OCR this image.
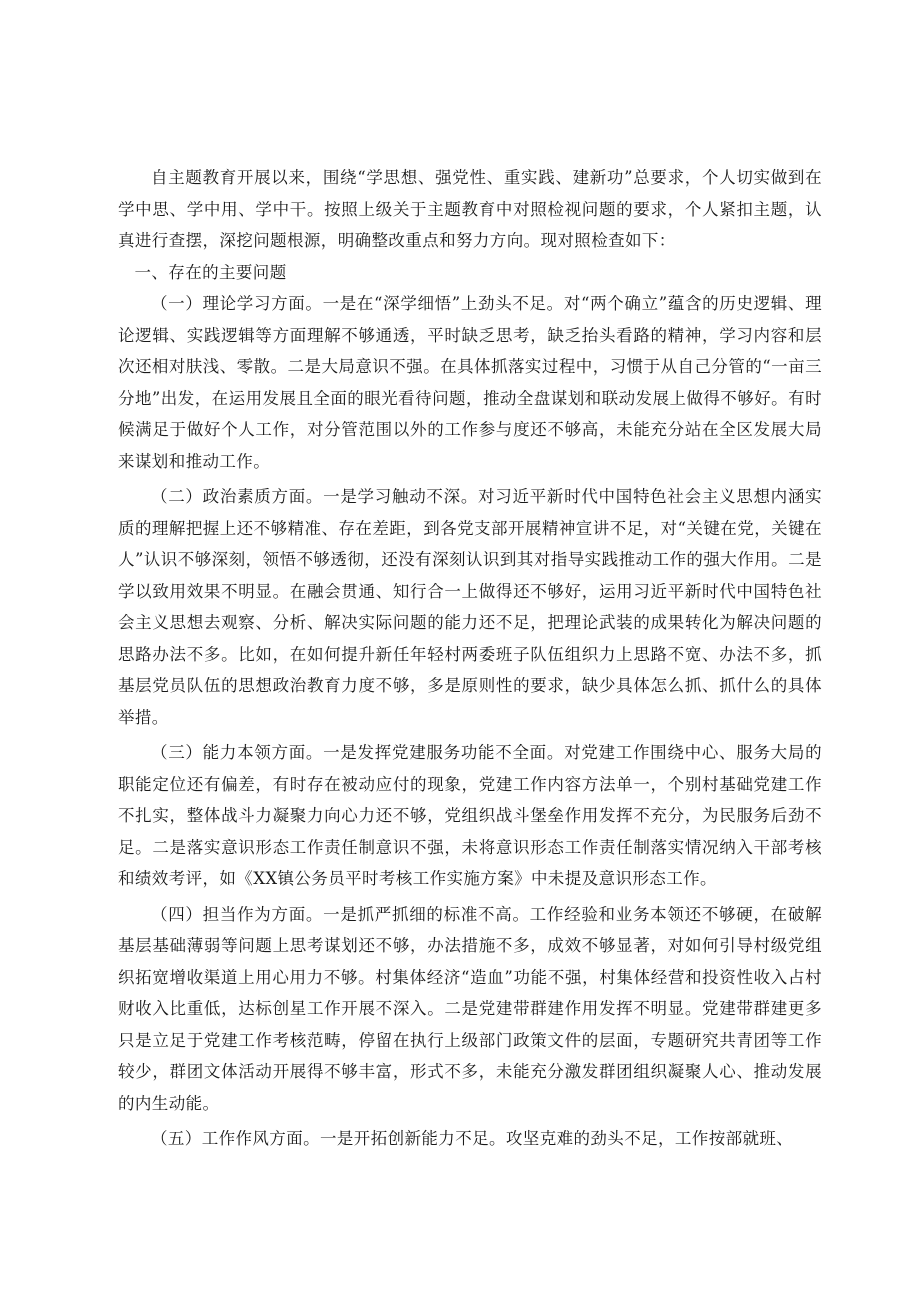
自主题教育开展以来，围绕“学思想、强党性、重实践、建新功”总要求，个人切实做到在学中思、学中用、学中干。按照上级关于主题教育中对照检视问题的要求，个人紧扣主题，认真进行查摆，深挖问题根源，明确整改重点和努力方向。现对照检查如下：

一、存在的主要问题

（一）理论学习方面。一是在“深学细悟”上劲头不足。对“两个确立”蕴含的历史逻辑、理论逻辑、实践逻辑等方面理解不够通透，平时缺乏思考，缺乏抬头看路的精神，学习内容和层次还相对肤浅、零散。二是大局意识不强。在具体抓落实过程中，习惯于从自己分管的“一亩三分地”出发，在运用发展且全面的眼光看待问题，推动全盘谋划和联动发展上做得不够好。有时候满足于做好个人工作，对分管范围以外的工作参与度还不够高，未能充分站在全区发展大局来谋划和推动工作。

（二）政治素质方面。一是学习触动不深。对习近平新时代中国特色社会主义思想内涵实质的理解把握上还不够精准、存在差距，到各党支部开展精神宣讲不足，对“关键在党，关键在人”认识不够深刻，领悟不够透彻，还没有深刻认识到其对指导实践推动工作的强大作用。二是学以致用效果不明显。在融会贯通、知行合一上做得还不够好，运用习近平新时代中国特色社会主义思想去观察、分析、解决实际问题的能力还不足，把理论武装的成果转化为解决问题的思路办法不多。比如，在如何提升新任年轻村两委班子队伍组织力上思路不宽、办法不多，抓基层党员队伍的思想政治教育力度不够，多是原则性的要求，缺少具体怎么抓、抓什么的具体举措。

（三）能力本领方面。一是发挥党建服务功能不全面。对党建工作围绕中心、服务大局的职能定位还有偏差，有时存在被动应付的现象，党建工作内容方法单一，个别村基础党建工作不扎实，整体战斗力凝聚力向心力还不够，党组织战斗堡垒作用发挥不充分，为民服务后劲不足。二是落实意识形态工作责任制意识不强，未将意识形态工作责任制落实情况纳入干部考核和绩效考评，如《XX镇公务员平时考核工作实施方案》中未提及意识形态工作。

（四）担当作为方面。一是抓严抓细的标准不高。工作经验和业务本领还不够硬，在破解基层基础薄弱等问题上思考谋划还不够，办法措施不多，成效不够显著，对如何引导村级党组织拓宽增收渠道上用心用力不够。村集体经济“造血”功能不强，村集体经营和投资性收入占村财收入比重低，达标创星工作开展不深入。二是党建带群建作用发挥不明显。党建带群建更多只是立足于党建工作考核范畴，停留在执行上级部门政策文件的层面，专题研究共青团等工作较少，群团文体活动开展得不够丰富，形式不多，未能充分激发群团组织凝聚人心、推动发展的内生动能。

（五）工作作风方面。一是开拓创新能力不足。攻坚克难的劲头不足，工作按部就班、
